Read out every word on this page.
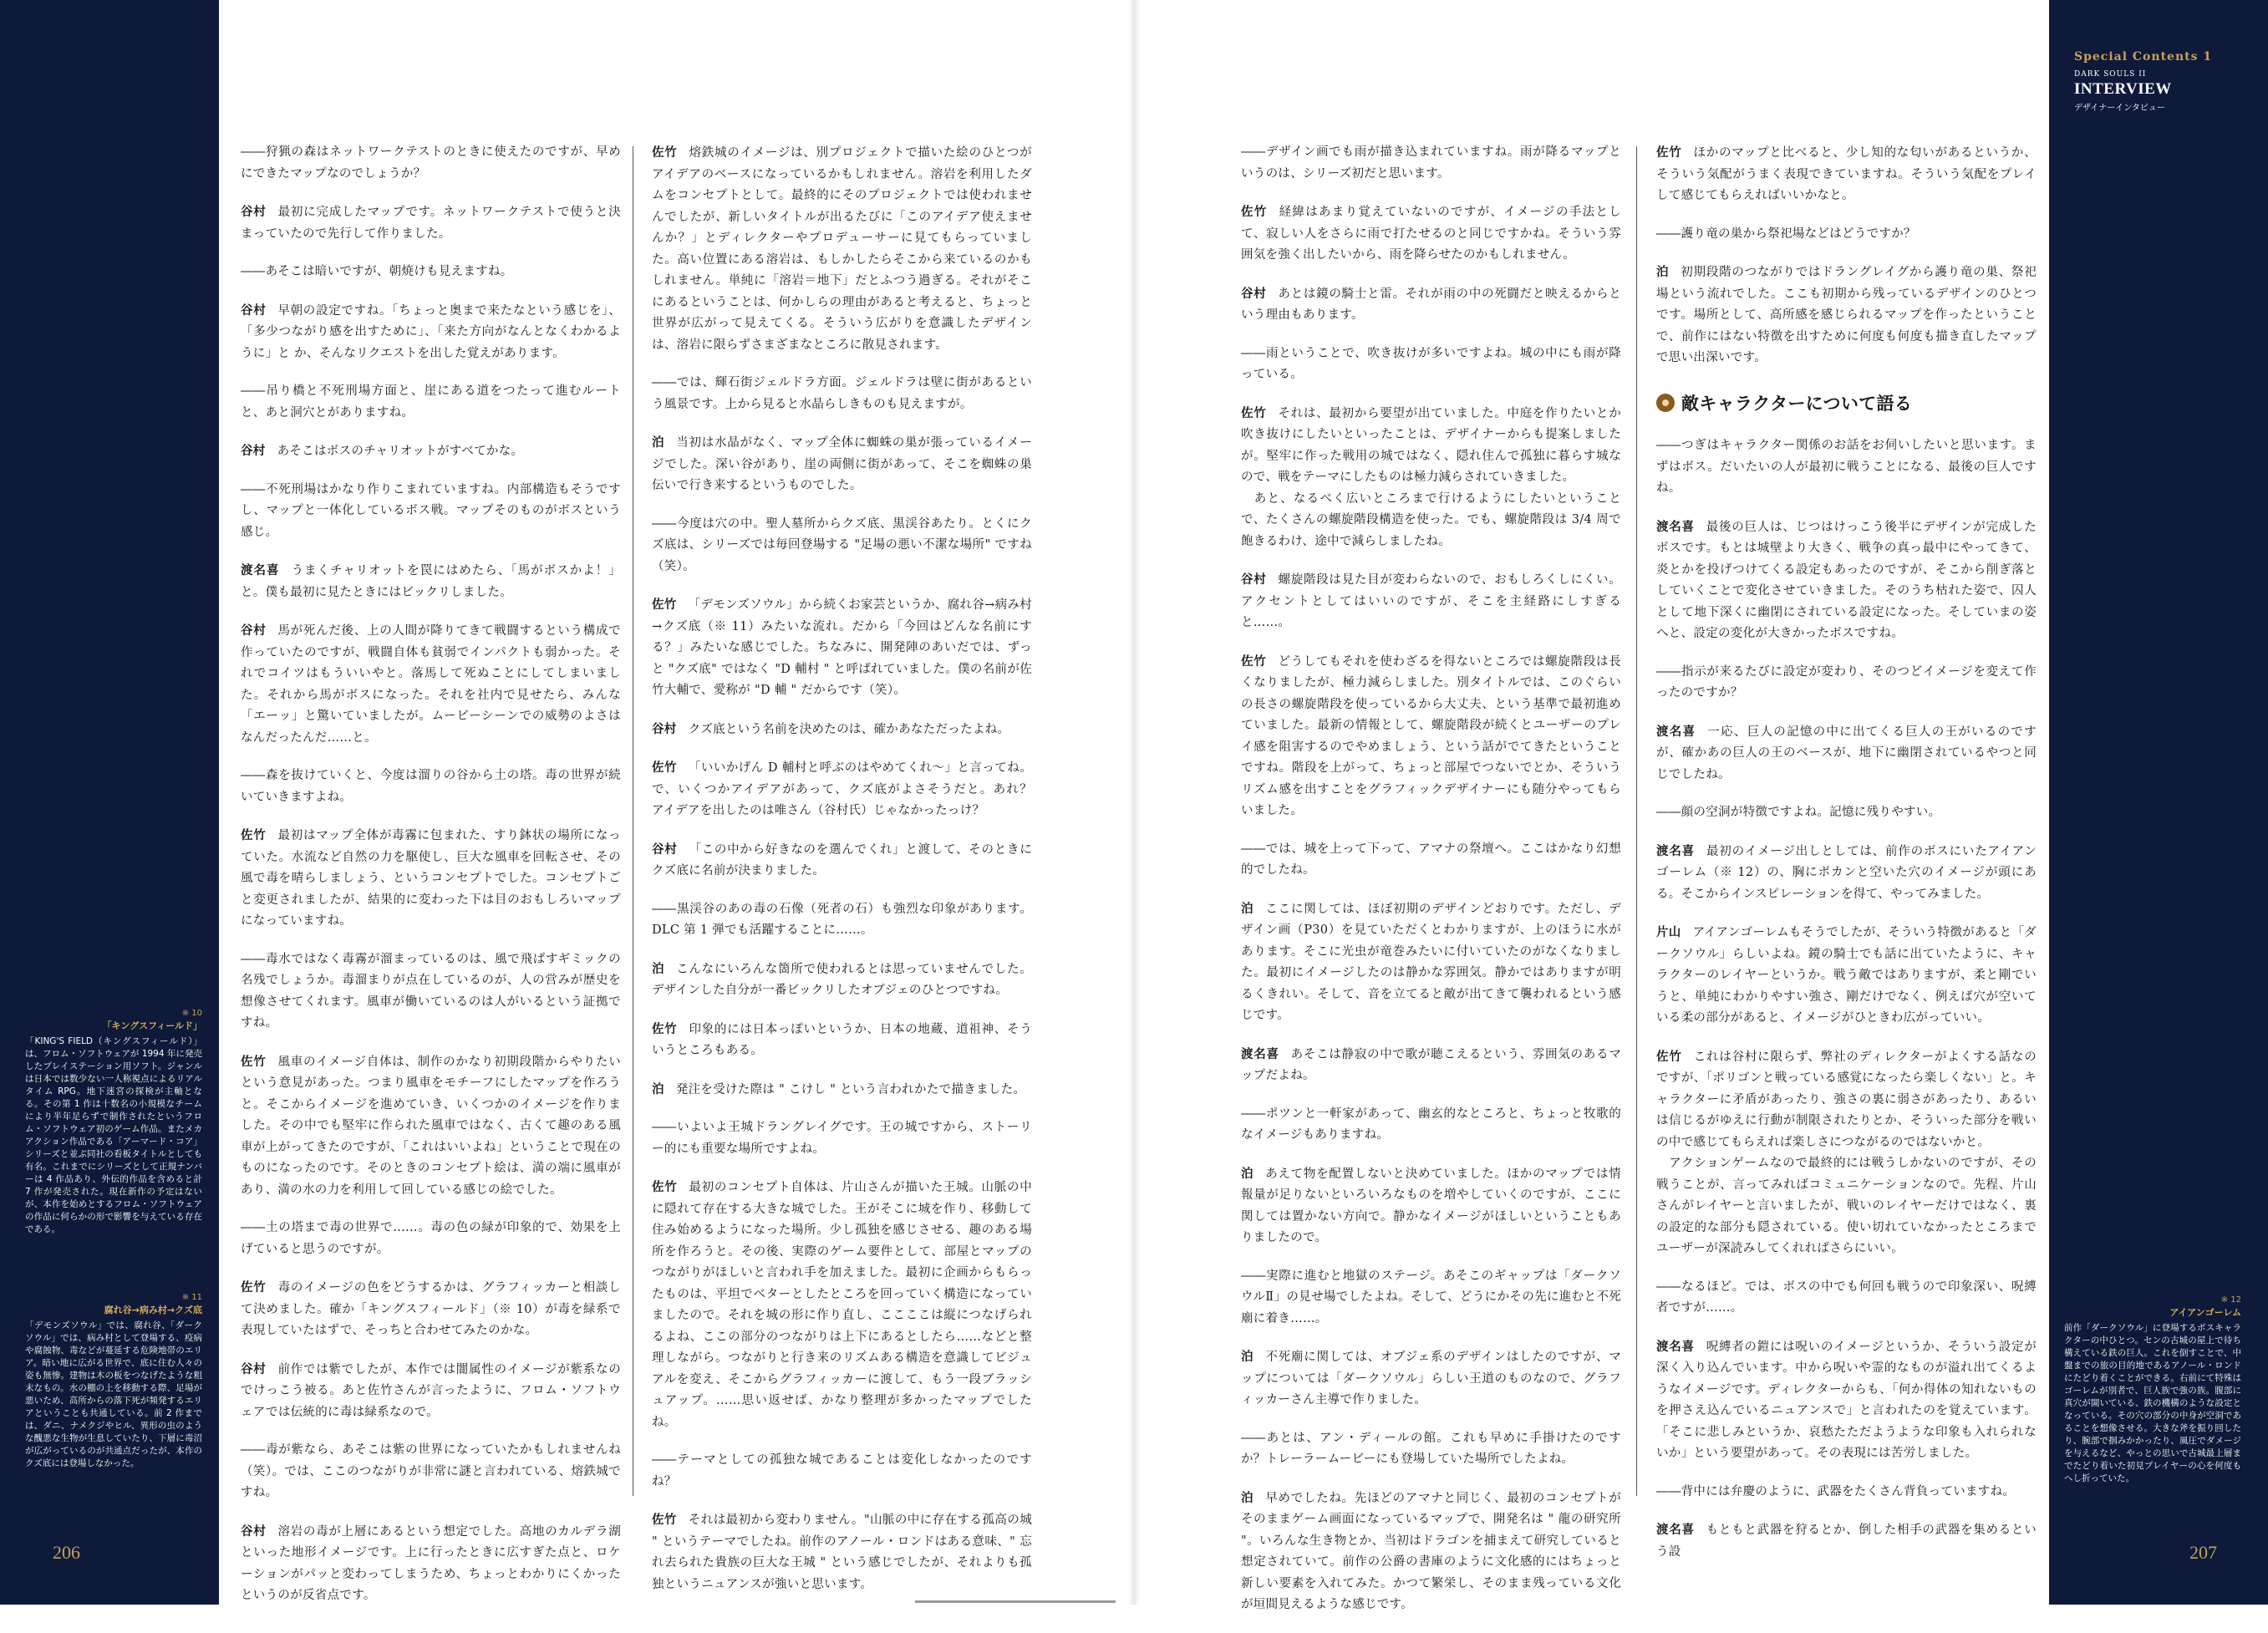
Special Contents 1
DARK SOULS II
INTERVIEW
デザイナーインタビュー
※ 10
「キングスフィールド」
「KING'S FIELD（キングスフィールド）」は、フロム・ソフトウェアが 1994 年に発売したプレイステーション用ソフト。ジャンルは日本では数少ない一人称視点によるリアルタイム RPG。地下迷宮の探検が主軸となる。その第 1 作は十数名の小規模なチームにより半年足らずで制作されたというフロム・ソフトウェア初のゲーム作品。またメカアクション作品である「アーマード・コア」シリーズと並ぶ同社の看板タイトルとしても有名。これまでにシリーズとして正規ナンバーは 4 作品あり、外伝的作品を含めると計 7 作が発売された。現在新作の予定はないが、本作を始めとするフロム・ソフトウェアの作品に何らかの形で影響を与えている存在である。
※ 11
腐れ谷→病み村→クズ底
「デモンズソウル」では、腐れ谷、「ダークソウル」では、病み村として登場する、疫病や腐蝕物、毒などが蔓延する危険地帯のエリア。暗い地に広がる世界で、底に住む人々の姿も無惨。建物は木の板をつなげたような粗末なもの。水の棚の上を移動する際、足場が悪いため、高所からの落下死が頻発するエリアということも共通している。前 2 作までは、ダニ、ナメクジやヒル、異形の虫のような醜悪な生物が生息していたり、下層に毒沼が広がっているのが共通点だったが、本作のクズ底には登場しなかった。
※ 12
アイアンゴーレム
前作「ダークソウル」に登場するボスキャラクターの中ひとつ。センの古城の屋上で待ち構えている鉄の巨人。これを倒すことで、中盤までの旅の目的地であるアノール・ロンドにたどり着くことができる。右前にて特殊はゴーレムが別者で、巨人族で強の族。腹部に真穴が開いている、鉄の機構のような設定となっている。その穴の部分の中身が空洞であることを想像させる。大きな斧を振り回したり、腕部で掴みかかったり、風圧でダメージを与えるなど、やっとの思いで古城最上層までたどり着いた初見プレイヤーの心を何度もへし折っていた。

――狩猟の森はネットワークテストのときに使えたのですが、早めにできたマップなのでしょうか？

谷村 最初に完成したマップです。ネットワークテストで使うと決まっていたので先行して作りました。

――あそこは暗いですが、朝焼けも見えますね。

谷村 早朝の設定ですね。「ちょっと奥まで来たなという感じを」、「多少つながり感を出すために」、「来た方向がなんとなくわかるように」と か、そんなリクエストを出した覚えがあります。

――吊り橋と不死刑場方面と、崖にある道をつたって進むルートと、あと洞穴とがありますね。

谷村 あそこはボスのチャリオットがすべてかな。

――不死刑場はかなり作りこまれていますね。内部構造もそうですし、マップと一体化しているボス戦。マップそのものがボスという感じ。

渡名喜 うまくチャリオットを罠にはめたら、「馬がボスかよ！」と。僕も最初に見たときにはビックリしました。

谷村 馬が死んだ後、上の人間が降りてきて戦闘するという構成で作っていたのですが、戦闘自体も貧弱でインパクトも弱かった。それでコイツはもういいやと。落馬して死ぬことにしてしまいました。それから馬がボスになった。それを社内で見せたら、みんな「エーッ」と驚いていましたが。ムービーシーンでの威勢のよさはなんだったんだ……と。

――森を抜けていくと、今度は溜りの谷から土の塔。毒の世界が続いていきますよね。

佐竹 最初はマップ全体が毒霧に包まれた、すり鉢状の場所になっていた。水流など自然の力を駆使し、巨大な風車を回転させ、その風で毒を晴らしましょう、というコンセプトでした。コンセプトごと変更されましたが、結果的に変わった下は目のおもしろいマップになっていますね。

――毒水ではなく毒霧が溜まっているのは、風で飛ばすギミックの名残でしょうか。毒溜まりが点在しているのが、人の営みが歴史を想像させてくれます。風車が働いているのは人がいるという証拠ですね。

佐竹 風車のイメージ自体は、制作のかなり初期段階からやりたいという意見があった。つまり風車をモチーフにしたマップを作ろうと。そこからイメージを進めていき、いくつかのイメージを作りました。その中でも堅牢に作られた風車ではなく、古くて趣のある風車が上がってきたのですが、「これはいいよね」ということで現在のものになったのです。そのときのコンセプト絵は、満の端に風車があり、満の水の力を利用して回している感じの絵でした。

――土の塔まで毒の世界で……。毒の色の緑が印象的で、効果を上げていると思うのですが。

佐竹 毒のイメージの色をどうするかは、グラフィッカーと相談して決めました。確か「キングスフィールド」（※ 10）が毒を緑系で表現していたはずで、そっちと合わせてみたのかな。

谷村 前作では紫でしたが、本作では闇属性のイメージが紫系なのでけっこう被る。あと佐竹さんが言ったように、フロム・ソフトウェアでは伝統的に毒は緑系なので。

――毒が紫なら、あそこは紫の世界になっていたかもしれませんね（笑）。では、ここのつながりが非常に謎と言われている、熔鉄城ですね。

谷村 溶岩の毒が上層にあるという想定でした。高地のカルデラ湖といった地形イメージです。上に行ったときに広すぎた点と、ロケーションがパッと変わってしまうため、ちょっとわかりにくかったというのが反省点です。

佐竹 熔鉄城のイメージは、別プロジェクトで描いた絵のひとつがアイデアのベースになっているかもしれません。溶岩を利用したダムをコンセプトとして。最終的にそのプロジェクトでは使われませんでしたが、新しいタイトルが出るたびに「このアイデア使えませんか？」とディレクターやプロデューサーに見てもらっていました。高い位置にある溶岩は、もしかしたらそこから来ているのかもしれません。単純に「溶岩＝地下」だとふつう過ぎる。それがそこにあるということは、何かしらの理由があると考えると、ちょっと世界が広がって見えてくる。そういう広がりを意識したデザインは、溶岩に限らずさまざまなところに散見されます。

――では、輝石街ジェルドラ方面。ジェルドラは壁に街があるという風景です。上から見ると水晶らしきものも見えますが。

泊 当初は水晶がなく、マップ全体に蜘蛛の巣が張っているイメージでした。深い谷があり、崖の両側に街があって、そこを蜘蛛の巣伝いで行き来するというものでした。

――今度は穴の中。聖人墓所からクズ底、黒渓谷あたり。とくにクズ底は、シリーズでは毎回登場する "足場の悪い不潔な場所" ですね（笑）。

佐竹 「デモンズソウル」から続くお家芸というか、腐れ谷→病み村→クズ底（※ 11）みたいな流れ。だから「今回はどんな名前にする？」みたいな感じでした。ちなみに、開発陣のあいだでは、ずっと "クズ底" ではなく "D 輔村 " と呼ばれていました。僕の名前が佐竹大輔で、愛称が "D 輔 " だからです（笑）。

谷村 クズ底という名前を決めたのは、確かあなただったよね。

佐竹 「いいかげん D 輔村と呼ぶのはやめてくれ～」と言ってね。で、いくつかアイデアがあって、クズ底がよさそうだと。あれ？　アイデアを出したのは唯さん（谷村氏）じゃなかったっけ？

谷村 「この中から好きなのを選んでくれ」と渡して、そのときにクズ底に名前が決まりました。

――黒渓谷のあの毒の石像（死者の石）も強烈な印象があります。DLC 第 1 弾でも活躍することに……。

泊 こんなにいろんな箇所で使われるとは思っていませんでした。デザインした自分が一番ビックリしたオブジェのひとつですね。

佐竹 印象的には日本っぽいというか、日本の地蔵、道祖神、そういうところもある。

泊 発注を受けた際は " こけし " という言われかたで描きました。

――いよいよ王城ドラングレイグです。王の城ですから、ストーリー的にも重要な場所ですよね。

佐竹 最初のコンセプト自体は、片山さんが描いた王城。山脈の中に隠れて存在する大きな城でした。王がそこに城を作り、移動して住み始めるようになった場所。少し孤独を感じさせる、趣のある場所を作ろうと。その後、実際のゲーム要件として、部屋とマップのつながりがほしいと言われ手を加えました。最初に企画からもらったものは、平坦でベターとしたところを回っていく構造になっていましたので。それを城の形に作り直し、ここここは縦につなげられるよね、ここの部分のつながりは上下にあるとしたら……などと整理しながら。つながりと行き来のリズムある構造を意識してビジュアルを変え、そこからグラフィッカーに渡して、もう一段ブラッシュアップ。……思い返せば、かなり整理が多かったマップでしたね。

――テーマとしての孤独な城であることは変化しなかったのですね？

佐竹 それは最初から変わりません。"山脈の中に存在する孤高の城 " というテーマでしたね。前作のアノール・ロンドはある意味、" 忘れ去られた貴族の巨大な王城 " という感じでしたが、それよりも孤独というニュアンスが強いと思います。

――デザイン画でも雨が描き込まれていますね。雨が降るマップというのは、シリーズ初だと思います。

佐竹 経緯はあまり覚えていないのですが、イメージの手法として、寂しい人をさらに雨で打たせるのと同じですかね。そういう雰囲気を強く出したいから、雨を降らせたのかもしれません。

谷村 あとは鏡の騎士と雷。それが雨の中の死闘だと映えるからという理由もあります。

――雨ということで、吹き抜けが多いですよね。城の中にも雨が降っている。

佐竹 それは、最初から要望が出ていました。中庭を作りたいとか吹き抜けにしたいといったことは、デザイナーからも提案しましたが。堅牢に作った戦用の城ではなく、隠れ住んで孤独に暮らす城なので、戦をテーマにしたものは極力減らされていきました。
　あと、なるべく広いところまで行けるようにしたいということで、たくさんの螺旋階段構造を使った。でも、螺旋階段は 3/4 周で飽きるわけ、途中で減らしましたね。

谷村 螺旋階段は見た目が変わらないので、おもしろくしにくい。アクセントとしてはいいのですが、そこを主経路にしすぎると……。

佐竹 どうしてもそれを使わざるを得ないところでは螺旋階段は長くなりましたが、極力減らしました。別タイトルでは、このぐらいの長さの螺旋階段を使っているから大丈夫、という基準で最初進めていました。最新の情報として、螺旋階段が続くとユーザーのプレイ感を阻害するのでやめましょう、という話がでてきたということですね。階段を上がって、ちょっと部屋でつないでとか、そういうリズム感を出すことをグラフィックデザイナーにも随分やってもらいました。

――では、城を上って下って、アマナの祭壇へ。ここはかなり幻想的でしたね。

泊 ここに関しては、ほぼ初期のデザインどおりです。ただし、デザイン画（P30）を見ていただくとわかりますが、上のほうに水があります。そこに光虫が竜巻みたいに付いていたのがなくなりました。最初にイメージしたのは静かな雰囲気。静かではありますが明るくきれい。そして、音を立てると敵が出てきて襲われるという感じです。

渡名喜 あそこは静寂の中で歌が聴こえるという、雰囲気のあるマップだよね。

――ポツンと一軒家があって、幽玄的なところと、ちょっと牧歌的なイメージもありますね。

泊 あえて物を配置しないと決めていました。ほかのマップでは情報量が足りないといろいろなものを増やしていくのですが、ここに関しては置かない方向で。静かなイメージがほしいということもありましたので。

――実際に進むと地獄のステージ。あそこのギャップは「ダークソウルⅡ」の見せ場でしたよね。そして、どうにかその先に進むと不死廟に着き……。

泊 不死廟に関しては、オブジェ系のデザインはしたのですが、マップについては「ダークソウル」らしい王道のものなので、グラフィッカーさん主導で作りました。

――あとは、アン・ディールの館。これも早めに手掛けたのですか？トレーラームービーにも登場していた場所でしたよね。

泊 早めでしたね。先ほどのアマナと同じく、最初のコンセプトがそのままゲーム画面になっているマップで、開発名は " 龍の研究所 "。いろんな生き物とか、当初はドラゴンを捕まえて研究していると想定されていて。前作の公爵の書庫のように文化感的にはちょっと新しい要素を入れてみた。かつて繁栄し、そのまま残っている文化が垣間見えるような感じです。

佐竹 ほかのマップと比べると、少し知的な匂いがあるというか、そういう気配がうまく表現できていますね。そういう気配をプレイして感じてもらえればいいかなと。

――護り竜の巣から祭祀場などはどうですか？

泊 初期段階のつながりではドラングレイグから護り竜の巣、祭祀場という流れでした。ここも初期から残っているデザインのひとつです。場所として、高所感を感じられるマップを作ったということで、前作にはない特徴を出すために何度も何度も描き直したマップで思い出深いです。

敵キャラクターについて語る

――つぎはキャラクター関係のお話をお伺いしたいと思います。まずはボス。だいたいの人が最初に戦うことになる、最後の巨人ですね。

渡名喜 最後の巨人は、じつはけっこう後半にデザインが完成したボスです。もとは城壁より大きく、戦争の真っ最中にやってきて、炎とかを投げつけてくる設定もあったのですが、そこから削ぎ落としていくことで変化させていきました。そのうち枯れた姿で、囚人として地下深くに幽閉にされている設定になった。そしていまの姿へと、設定の変化が大きかったボスですね。

――指示が来るたびに設定が変わり、そのつどイメージを変えて作ったのですか？

渡名喜 一応、巨人の記憶の中に出てくる巨人の王がいるのですが、確かあの巨人の王のベースが、地下に幽閉されているやつと同じでしたね。

――顔の空洞が特徴ですよね。記憶に残りやすい。

渡名喜 最初のイメージ出しとしては、前作のボスにいたアイアンゴーレム（※ 12）の、胸にポカンと空いた穴のイメージが頭にある。そこからインスピレーションを得て、やってみました。

片山 アイアンゴーレムもそうでしたが、そういう特徴があると「ダークソウル」らしいよね。鏡の騎士でも話に出ていたように、キャラクターのレイヤーというか。戦う敵ではありますが、柔と剛でいうと、単純にわかりやすい強さ、剛だけでなく、例えば穴が空いている柔の部分があると、イメージがひときわ広がっていい。

佐竹 これは谷村に限らず、弊社のディレクターがよくする話なのですが、「ポリゴンと戦っている感覚になったら楽しくない」と。キャラクターに矛盾があったり、強さの裏に弱さがあったり、あるいは信じるがゆえに行動が制限されたりとか、そういった部分を戦いの中で感じてもらえれば楽しさにつながるのではないかと。
　アクションゲームなので最終的には戦うしかないのですが、その戦うことが、言ってみればコミュニケーションなので。先程、片山さんがレイヤーと言いましたが、戦いのレイヤーだけではなく、裏の設定的な部分も隠されている。使い切れていなかったところまでユーザーが深読みしてくれればさらにいい。

――なるほど。では、ボスの中でも何回も戦うので印象深い、呪縛者ですが……。

渡名喜 呪縛者の鎧には呪いのイメージというか、そういう設定が深く入り込んでいます。中から呪いや霊的なものが溢れ出てくるようなイメージです。ディレクターからも、「何か得体の知れないものを押さえ込んでいるニュアンスで」と言われたのを覚えています。「そこに悲しみというか、哀愁たただようような印象も入れられないか」という要望があって。その表現には苦労しました。

――背中には弁慶のように、武器をたくさん背負っていますね。

渡名喜 もともと武器を狩るとか、倒した相手の武器を集めるという設

206	207
